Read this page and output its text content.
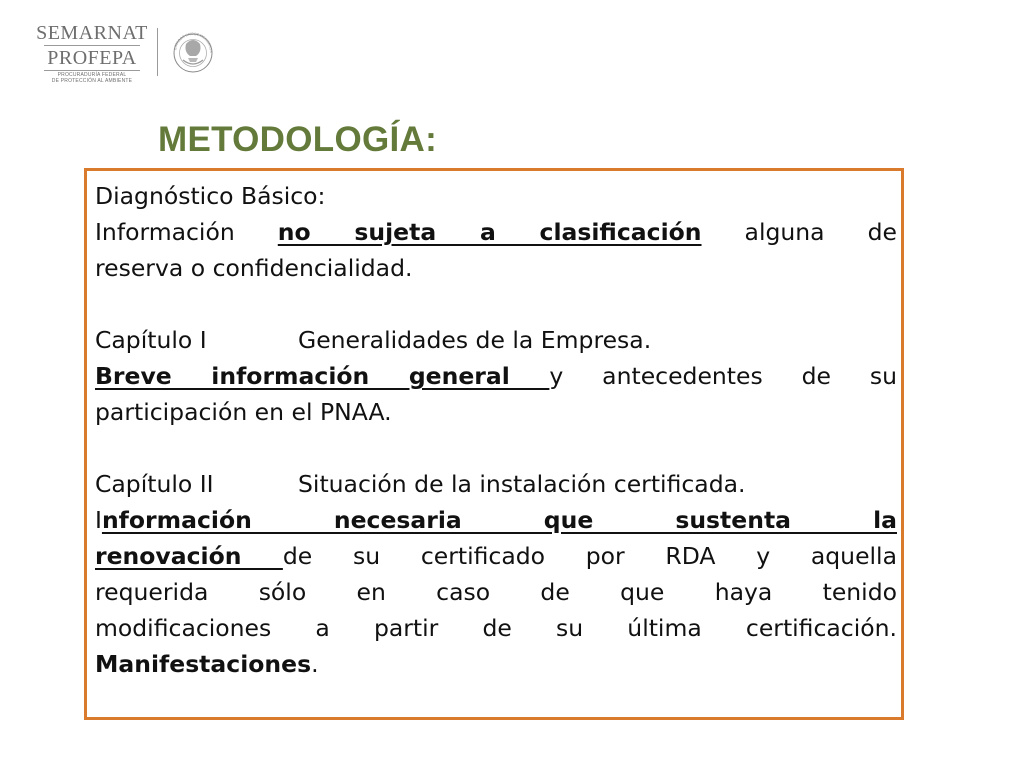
SEMARNAT
PROFEPA
PROCURADURÍA FEDERAL
DE PROTECCIÓN AL AMBIENTE
ESTADOS UNIDOS MEXICANOS
METODOLOGÍA:

Diagnóstico Básico:

Información no sujeta a clasificación alguna de

reserva o confidencialidad.

Capítulo I	Generalidades de la Empresa.

Breve información general y antecedentes de su

participación en el PNAA.

Capítulo II	Situación de la instalación certificada.

Información necesaria que sustenta la

renovación de su certificado por RDA y aquella

requerida sólo en caso de que haya tenido

modificaciones a partir de su última certificación.

Manifestaciones.
